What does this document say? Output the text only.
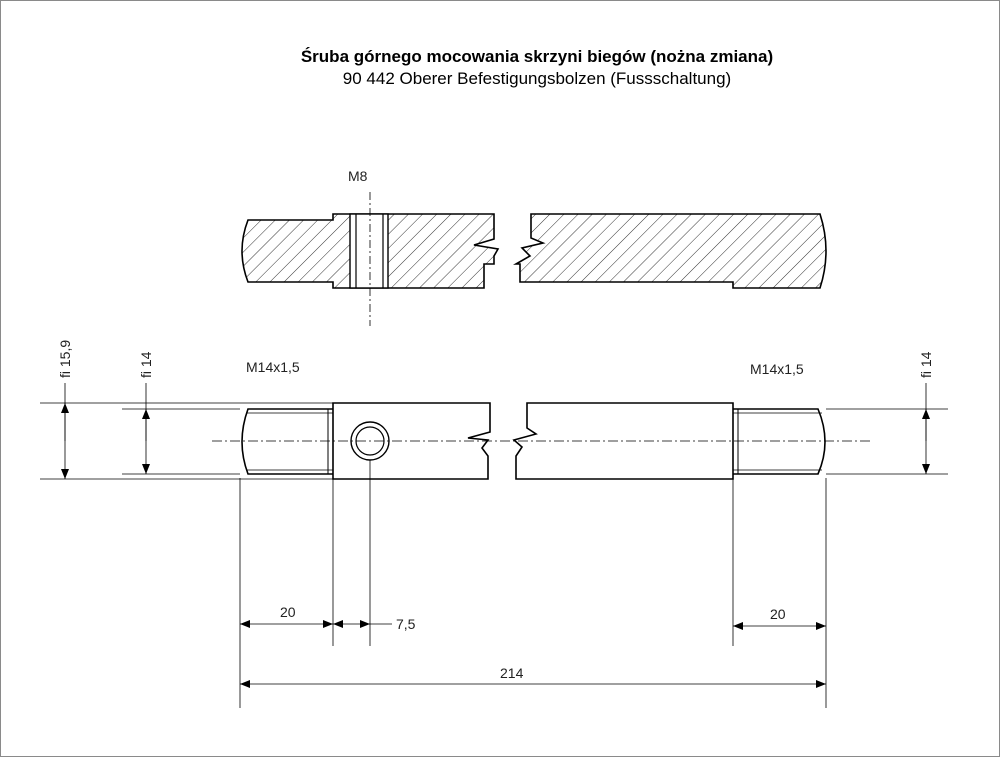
Śruba górnego mocowania skrzyni biegów (nożna zmiana)
90 442 Oberer Befestigungsbolzen (Fussschaltung)
M8
fi 15,9	fi 14	fi 14
M14x1,5	M14x1,5
20
7,5
20
214
